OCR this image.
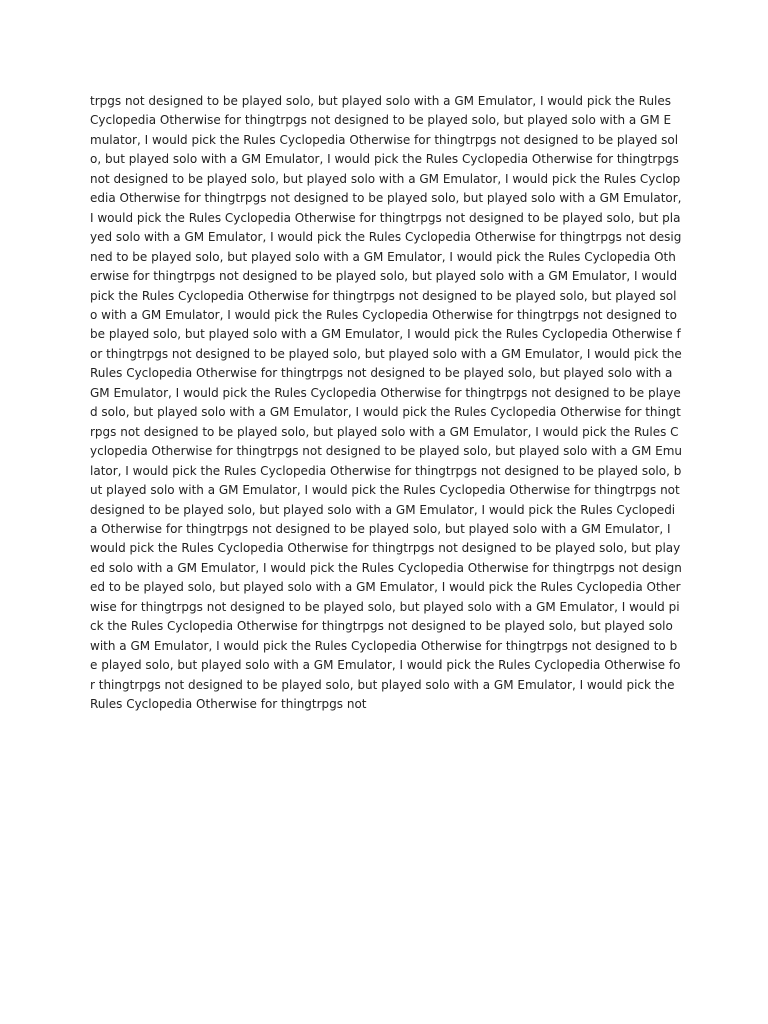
trpgs not designed to be played solo, but played solo with a GM Emulator, I would pick the Rules Cyclopedia Otherwise for thingtrpgs not designed to be played solo, but played solo with a GM Emulator, I would pick the Rules Cyclopedia Otherwise for thingtrpgs not designed to be played solo, but played solo with a GM Emulator, I would pick the Rules Cyclopedia Otherwise for thingtrpgs not designed to be played solo, but played solo with a GM Emulator, I would pick the Rules Cyclopedia Otherwise for thingtrpgs not designed to be played solo, but played solo with a GM Emulator, I would pick the Rules Cyclopedia Otherwise for thingtrpgs not designed to be played solo, but played solo with a GM Emulator, I would pick the Rules Cyclopedia Otherwise for thingtrpgs not designed to be played solo, but played solo with a GM Emulator, I would pick the Rules Cyclopedia Otherwise for thingtrpgs not designed to be played solo, but played solo with a GM Emulator, I would pick the Rules Cyclopedia Otherwise for thingtrpgs not designed to be played solo, but played solo with a GM Emulator, I would pick the Rules Cyclopedia Otherwise for thingtrpgs not designed to be played solo, but played solo with a GM Emulator, I would pick the Rules Cyclopedia Otherwise for thingtrpgs not designed to be played solo, but played solo with a GM Emulator, I would pick the Rules Cyclopedia Otherwise for thingtrpgs not designed to be played solo, but played solo with a GM Emulator, I would pick the Rules Cyclopedia Otherwise for thingtrpgs not designed to be played solo, but played solo with a GM Emulator, I would pick the Rules Cyclopedia Otherwise for thingtrpgs not designed to be played solo, but played solo with a GM Emulator, I would pick the Rules Cyclopedia Otherwise for thingtrpgs not designed to be played solo, but played solo with a GM Emulator, I would pick the Rules Cyclopedia Otherwise for thingtrpgs not designed to be played solo, but played solo with a GM Emulator, I would pick the Rules Cyclopedia Otherwise for thingtrpgs not designed to be played solo, but played solo with a GM Emulator, I would pick the Rules Cyclopedia Otherwise for thingtrpgs not designed to be played solo, but played solo with a GM Emulator, I would pick the Rules Cyclopedia Otherwise for thingtrpgs not designed to be played solo, but played solo with a GM Emulator, I would pick the Rules Cyclopedia Otherwise for thingtrpgs not designed to be played solo, but played solo with a GM Emulator, I would pick the Rules Cyclopedia Otherwise for thingtrpgs not designed to be played solo, but played solo with a GM Emulator, I would pick the Rules Cyclopedia Otherwise for thingtrpgs not designed to be played solo, but played solo with a GM Emulator, I would pick the Rules Cyclopedia Otherwise for thingtrpgs not designed to be played solo, but played solo with a GM Emulator, I would pick the Rules Cyclopedia Otherwise for thingtrpgs not designed to be played solo, but played solo with a GM Emulator, I would pick the Rules Cyclopedia Otherwise for thingtrpgs not
